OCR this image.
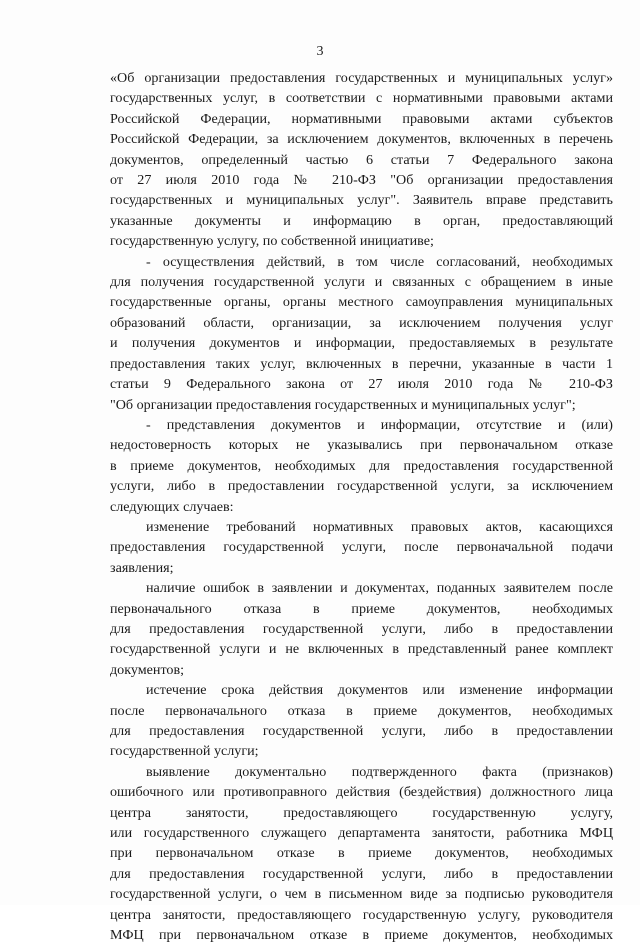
3
«Об организации предоставления государственных и муниципальных услуг»
государственных услуг, в соответствии с нормативными правовыми актами
Российской Федерации, нормативными правовыми актами субъектов
Российской Федерации, за исключением документов, включенных в перечень
документов, определенный частью 6 статьи 7 Федерального закона
от 27 июля 2010 года № 210-ФЗ "Об организации предоставления
государственных и муниципальных услуг". Заявитель вправе представить
указанные документы и информацию в орган, предоставляющий
государственную услугу, по собственной инициативе;
- осуществления действий, в том числе согласований, необходимых
для получения государственной услуги и связанных с обращением в иные
государственные органы, органы местного самоуправления муниципальных
образований области, организации, за исключением получения услуг
и получения документов и информации, предоставляемых в результате
предоставления таких услуг, включенных в перечни, указанные в части 1
статьи 9 Федерального закона от 27 июля 2010 года № 210-ФЗ
"Об организации предоставления государственных и муниципальных услуг";
- представления документов и информации, отсутствие и (или)
недостоверность которых не указывались при первоначальном отказе
в приеме документов, необходимых для предоставления государственной
услуги, либо в предоставлении государственной услуги, за исключением
следующих случаев:
изменение требований нормативных правовых актов, касающихся
предоставления государственной услуги, после первоначальной подачи
заявления;
наличие ошибок в заявлении и документах, поданных заявителем после
первоначального отказа в приеме документов, необходимых
для предоставления государственной услуги, либо в предоставлении
государственной услуги и не включенных в представленный ранее комплект
документов;
истечение срока действия документов или изменение информации
после первоначального отказа в приеме документов, необходимых
для предоставления государственной услуги, либо в предоставлении
государственной услуги;
выявление документально подтвержденного факта (признаков)
ошибочного или противоправного действия (бездействия) должностного лица
центра занятости, предоставляющего государственную услугу,
или государственного служащего департамента занятости, работника МФЦ
при первоначальном отказе в приеме документов, необходимых
для предоставления государственной услуги, либо в предоставлении
государственной услуги, о чем в письменном виде за подписью руководителя
центра занятости, предоставляющего государственную услугу, руководителя
МФЦ при первоначальном отказе в приеме документов, необходимых
